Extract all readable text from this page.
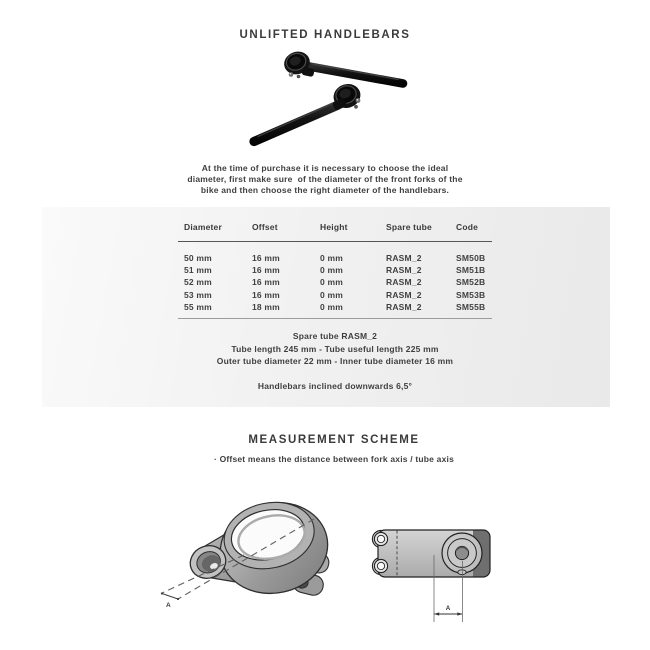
UNLIFTED HANDLEBARS
At the time of purchase it is necessary to choose the ideal
diameter, first make sure  of the diameter of the front forks of the
bike and then choose the right diameter of the handlebars.
Diameter	Offset	Height	Spare tube	Code
50 mm	16 mm	0 mm	RASM_2	SM50B
51 mm	16 mm	0 mm	RASM_2	SM51B
52 mm	16 mm	0 mm	RASM_2	SM52B
53 mm	16 mm	0 mm	RASM_2	SM53B
55 mm	18 mm	0 mm	RASM_2	SM55B
Spare tube RASM_2
Tube length 245 mm - Tube useful length 225 mm
Outer tube diameter 22 mm - Inner tube diameter 16 mm
Handlebars inclined downwards 6,5°
MEASUREMENT SCHEME
· Offset means the distance between fork axis / tube axis
A	A
